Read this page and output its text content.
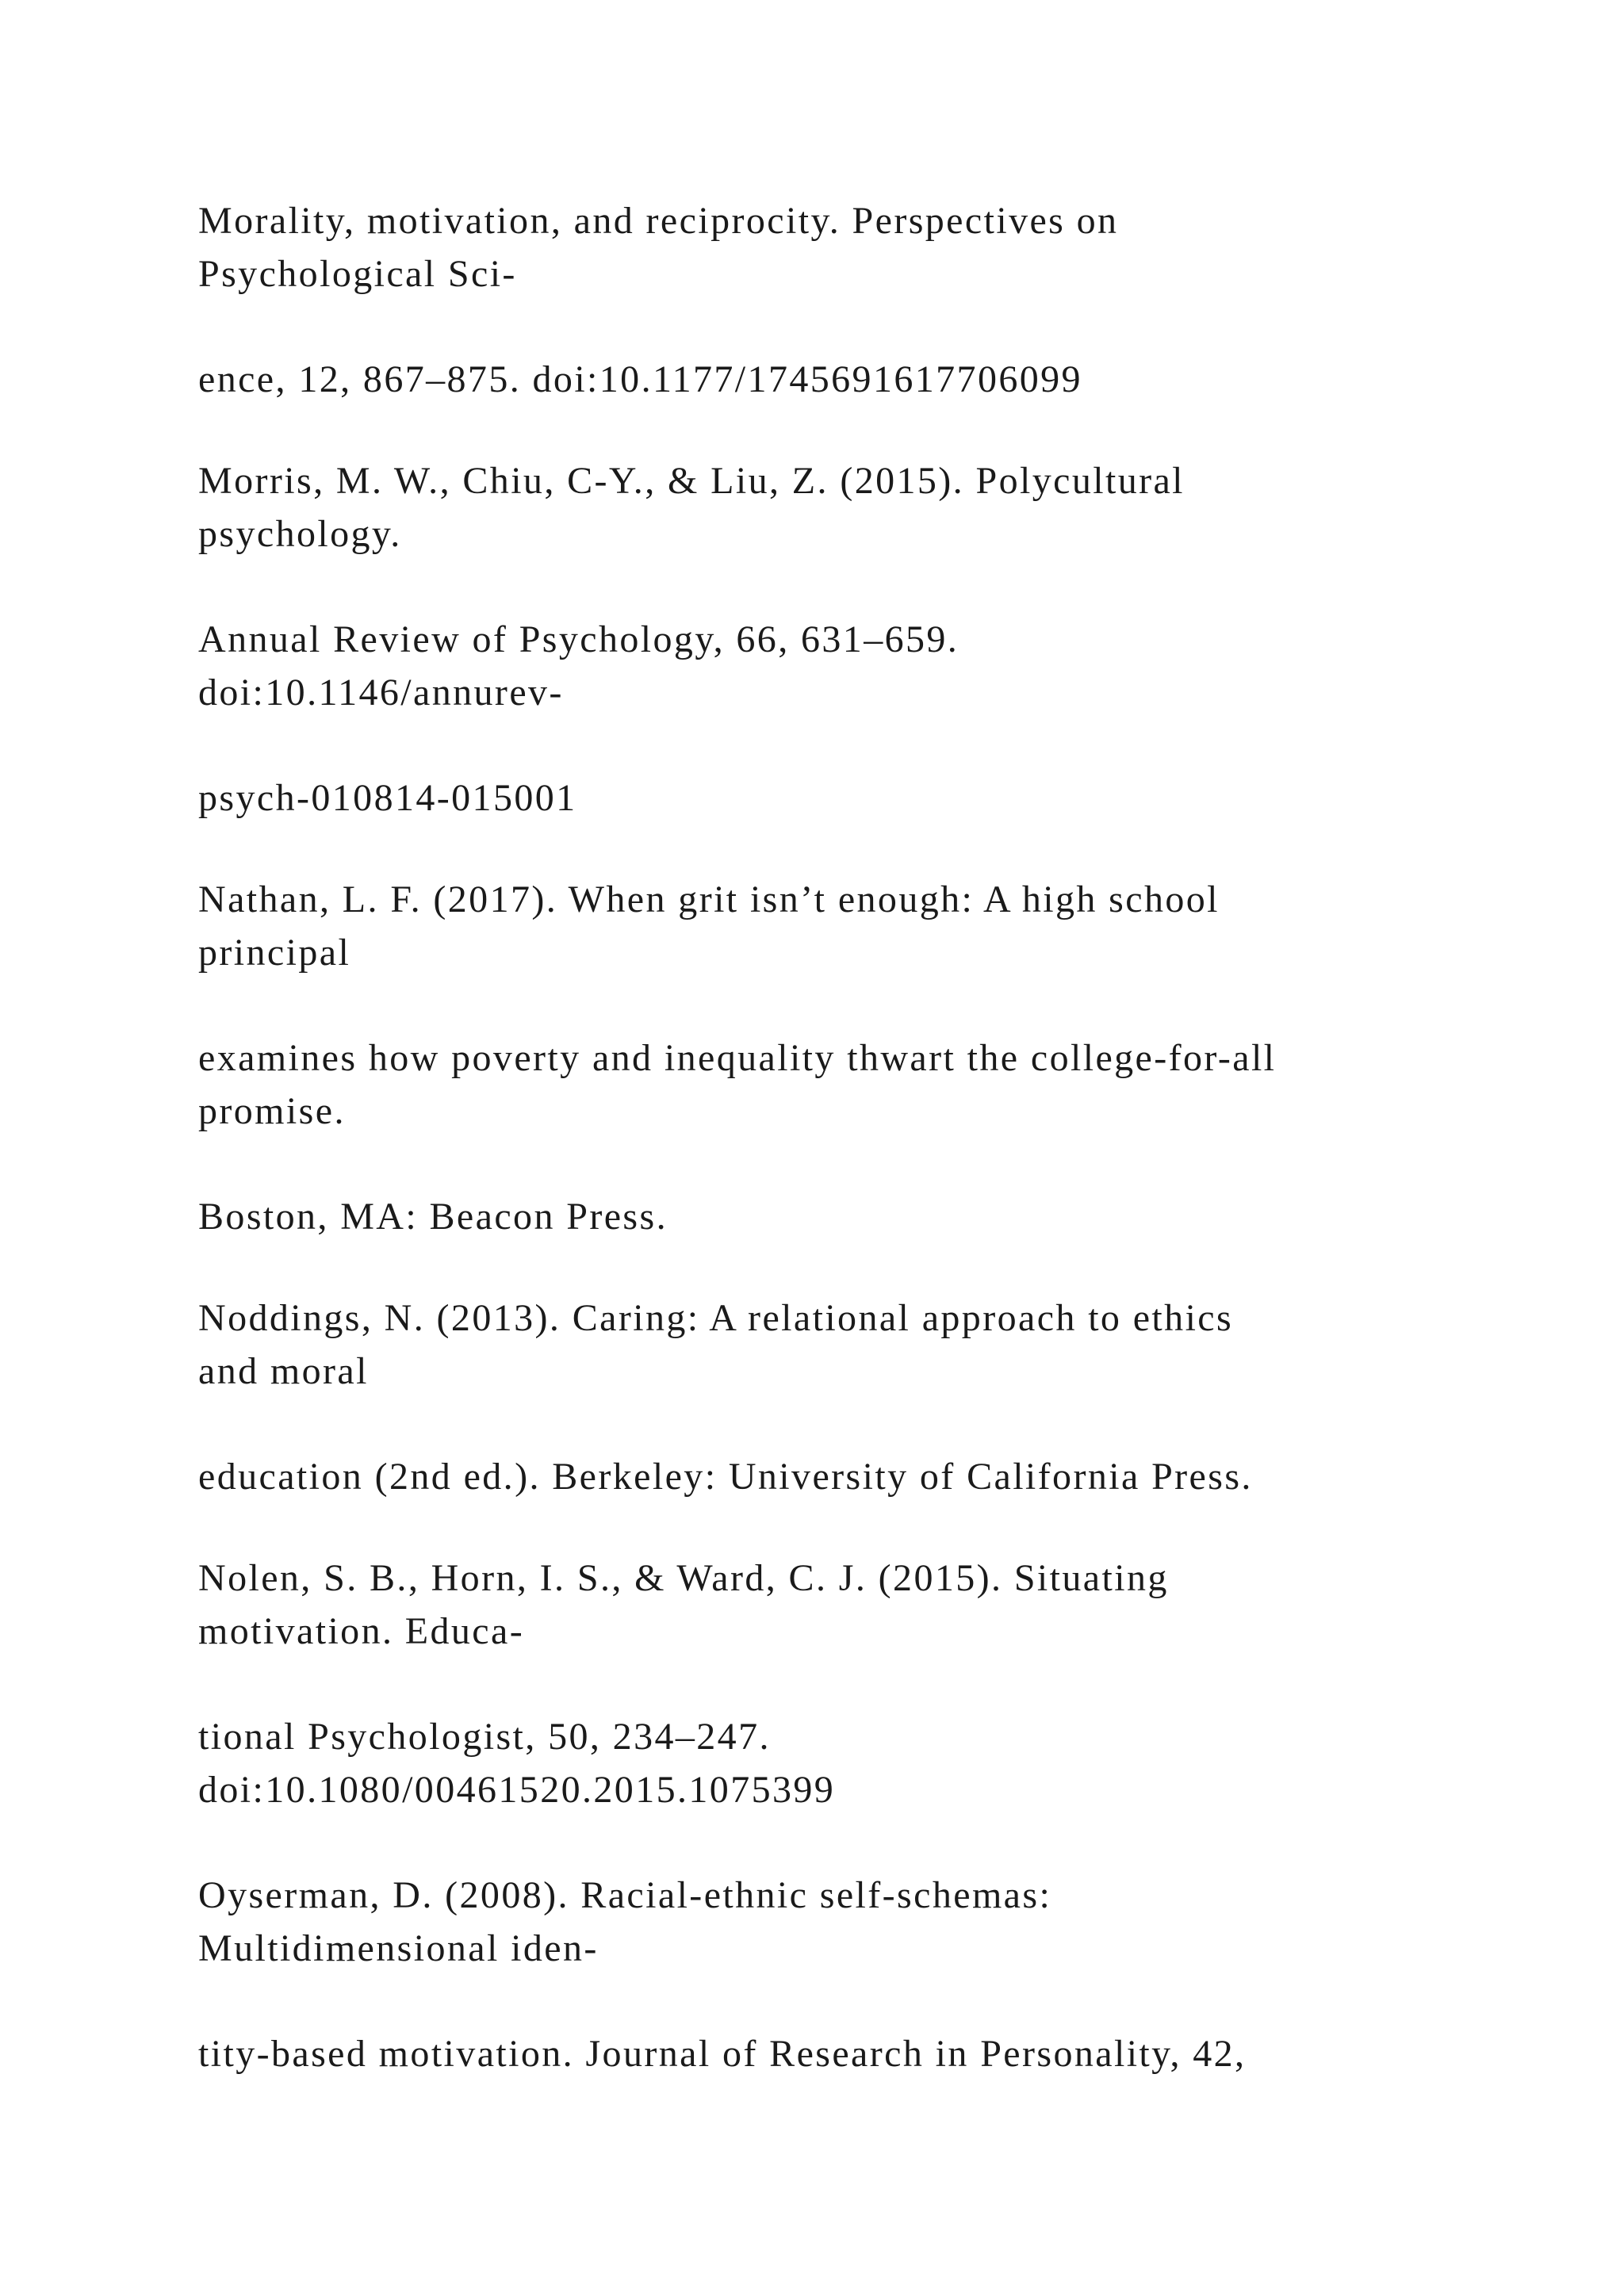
Morality, motivation, and reciprocity. Perspectives on
Psychological Sci-

ence, 12, 867–875. doi:10.1177/1745691617706099

Morris, M. W., Chiu, C-Y., & Liu, Z. (2015). Polycultural
psychology.

Annual Review of Psychology, 66, 631–659.
doi:10.1146/annurev-

psych-010814-015001

Nathan, L. F. (2017). When grit isn’t enough: A high school
principal

examines how poverty and inequality thwart the college-for-all
promise.

Boston, MA: Beacon Press.

Noddings, N. (2013). Caring: A relational approach to ethics
and moral

education (2nd ed.). Berkeley: University of California Press.

Nolen, S. B., Horn, I. S., & Ward, C. J. (2015). Situating
motivation. Educa-

tional Psychologist, 50, 234–247.
doi:10.1080/00461520.2015.1075399

Oyserman, D. (2008). Racial-ethnic self-schemas:
Multidimensional iden-

tity-based motivation. Journal of Research in Personality, 42,
